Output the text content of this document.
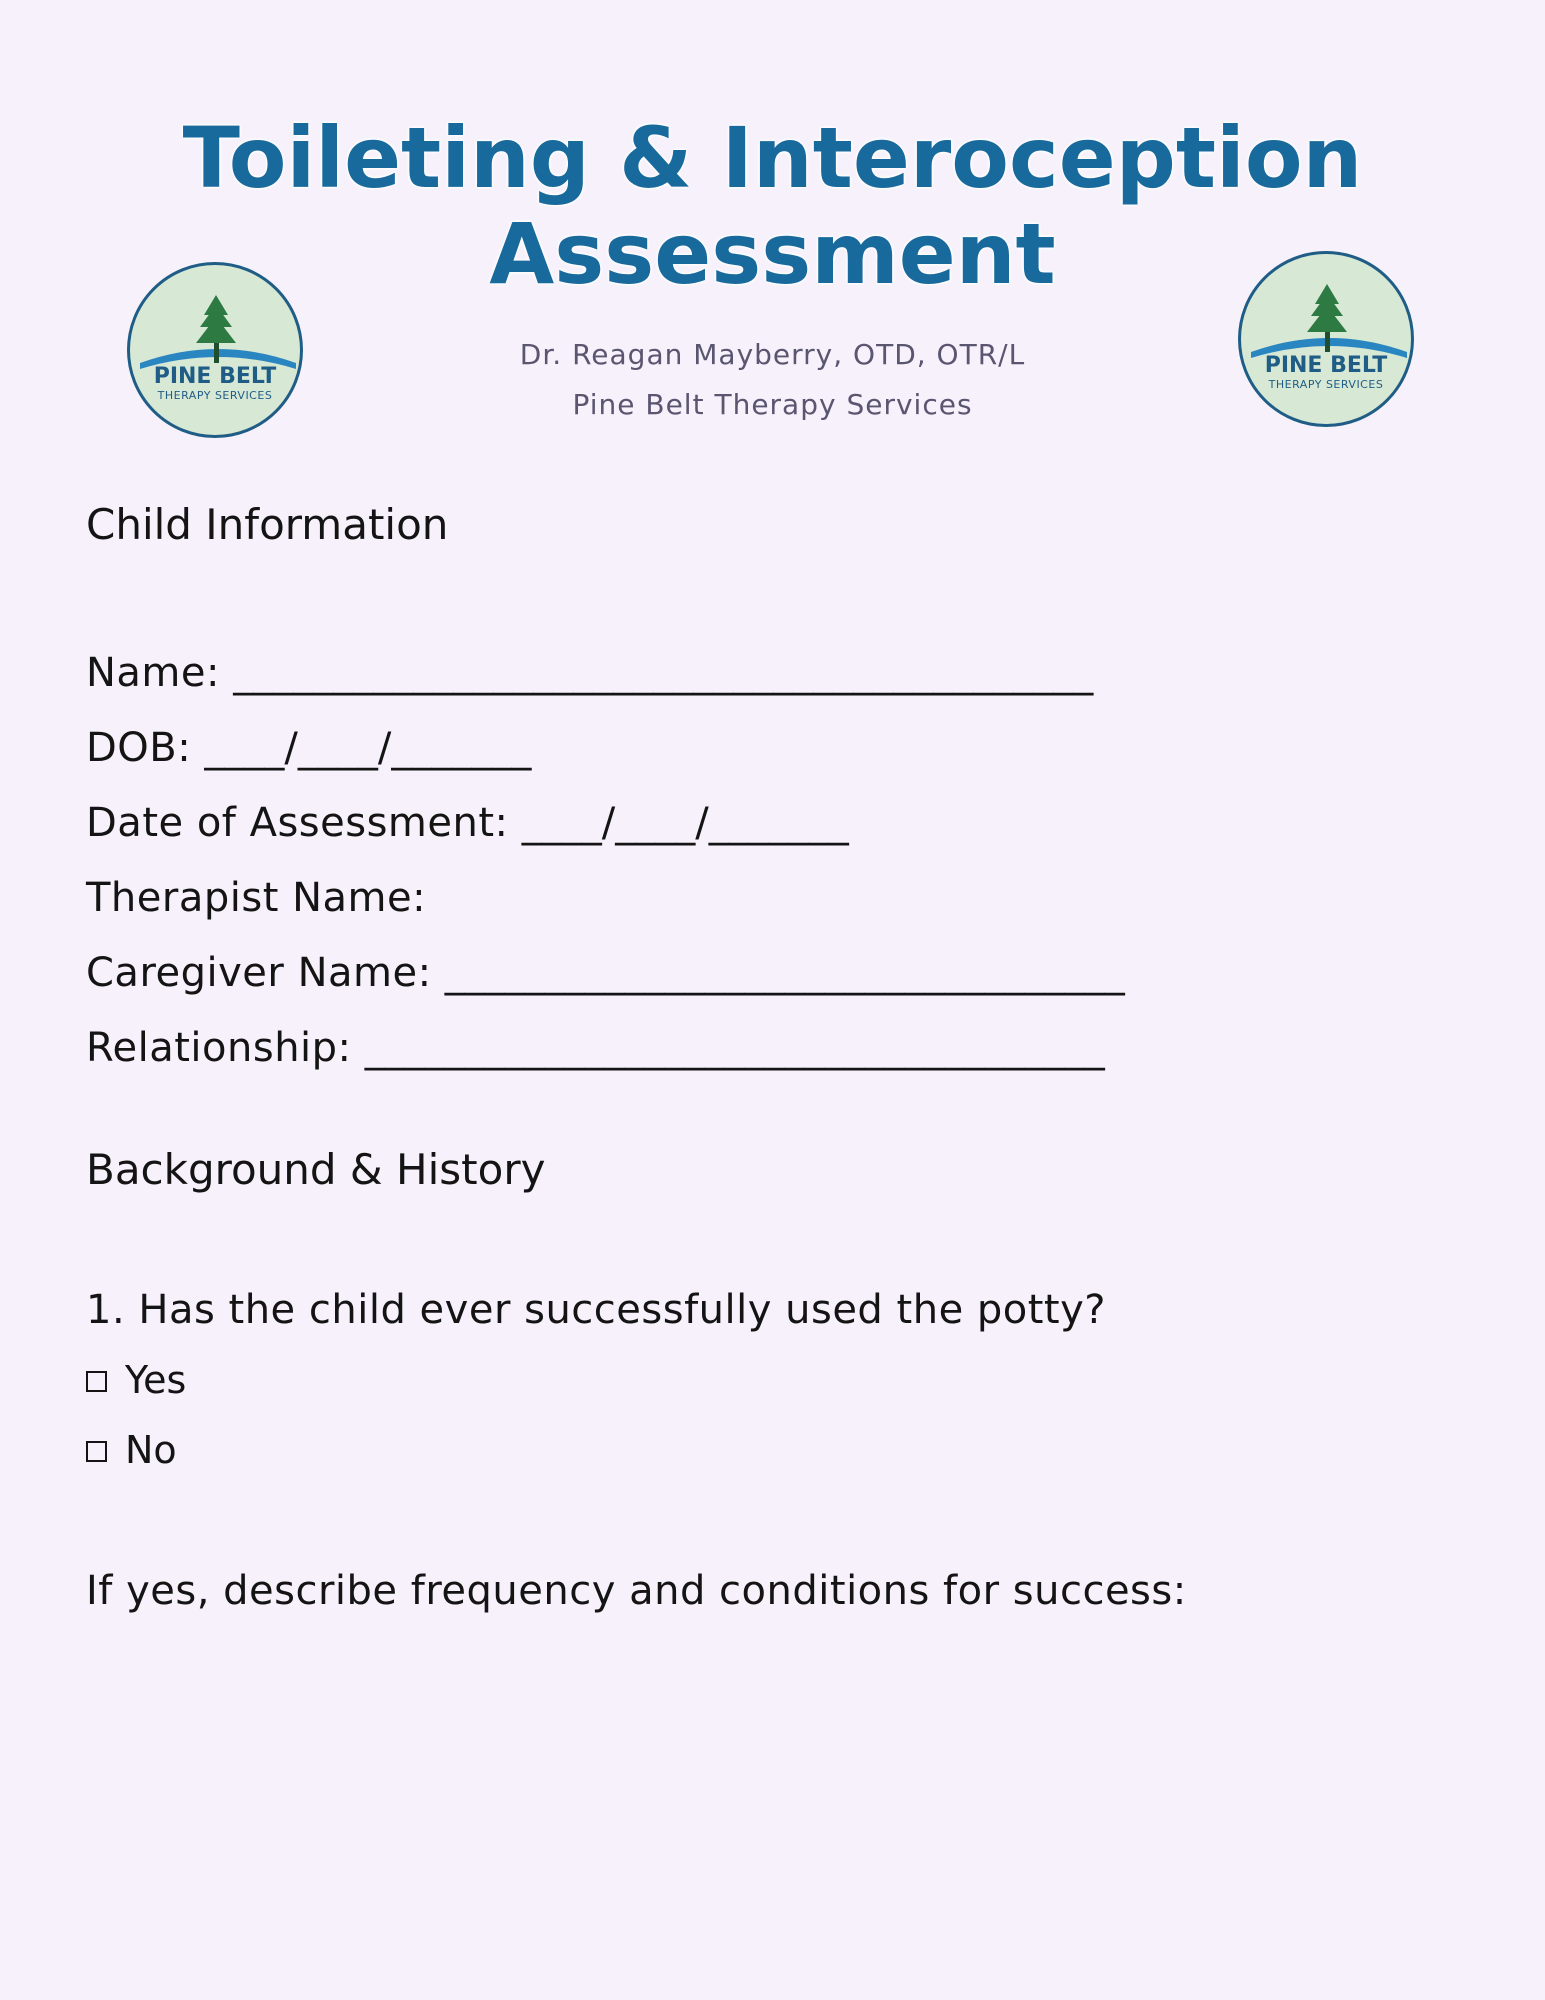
Toileting & Interoception
Assessment
Dr. Reagan Mayberry, OTD, OTR/L
Pine Belt Therapy Services
PINE BELT
THERAPY SERVICES
PINE BELT
THERAPY SERVICES
Child Information
Name: ___________________________________________
DOB: ____/____/_______
Date of Assessment: ____/____/_______
Therapist Name:
Caregiver Name: __________________________________
Relationship: _____________________________________
Background & History
1. Has the child ever successfully used the potty?
Yes
No
If yes, describe frequency and conditions for success:
